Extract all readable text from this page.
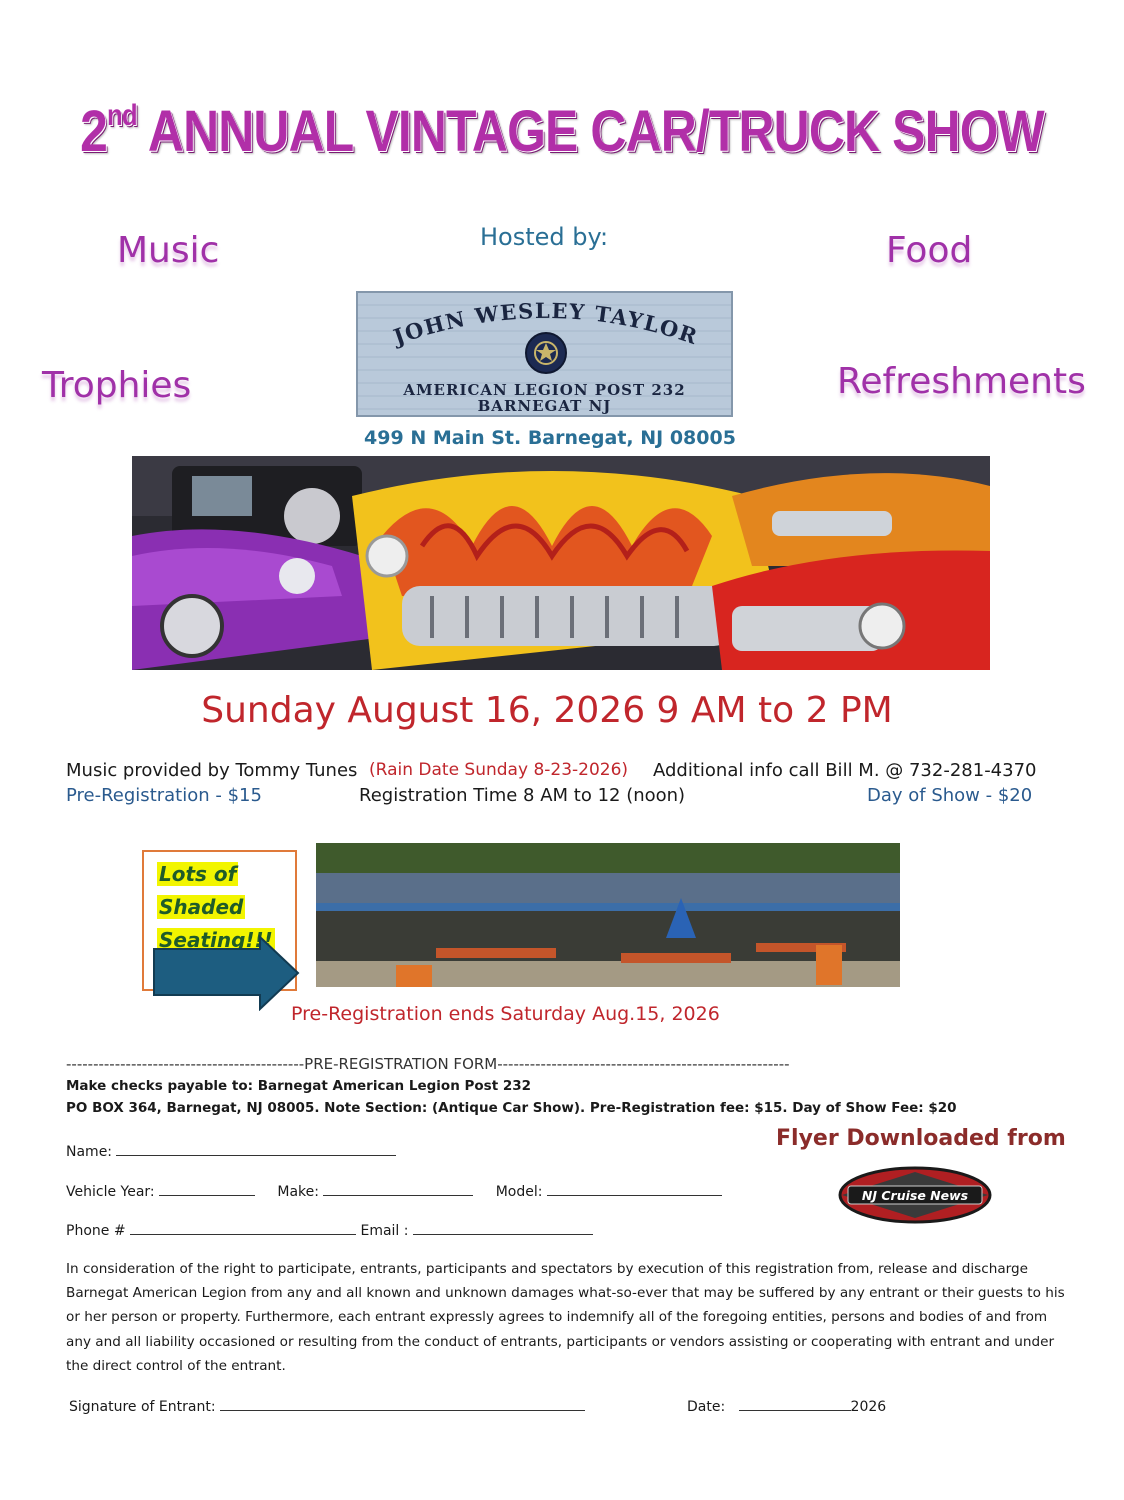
2nd ANNUAL VINTAGE CAR/TRUCK SHOW
Music	Food
Trophies	Refreshments
Hosted by:
JOHN WESLEY TAYLOR
AMERICAN LEGION POST 232
BARNEGAT NJ
499 N Main St. Barnegat, NJ 08005
Sunday August 16, 2026 9 AM to 2 PM
Music provided by Tommy Tunes (Rain Date Sunday 8-23-2026) Additional info call Bill M. @ 732-281-4370
Pre-Registration - $15	Registration Time 8 AM to 12 (noon)	Day of Show - $20
Lots of
Shaded
Seating!!!
Pre-Registration ends Saturday Aug.15, 2026
--------------------------------------------PRE-REGISTRATION FORM------------------------------------------------------
Make checks payable to: Barnegat American Legion Post 232
PO BOX 364, Barnegat, NJ 08005. Note Section: (Antique Car Show). Pre-Registration fee: $15. Day of Show Fee: $20
Name:
Vehicle Year:	Make:	Model:
Phone #	Email :
Flyer Downloaded from
NJ Cruise News
In consideration of the right to participate, entrants, participants and spectators by execution of this registration from, release and discharge Barnegat American Legion from any and all known and unknown damages what-so-ever that may be suffered by any entrant or their guests to his or her person or property. Furthermore, each entrant expressly agrees to indemnify all of the foregoing entities, persons and bodies of and from any and all liability occasioned or resulting from the conduct of entrants, participants or vendors assisting or cooperating with entrant and under the direct control of the entrant.
Signature of Entrant:	Date:	2026
